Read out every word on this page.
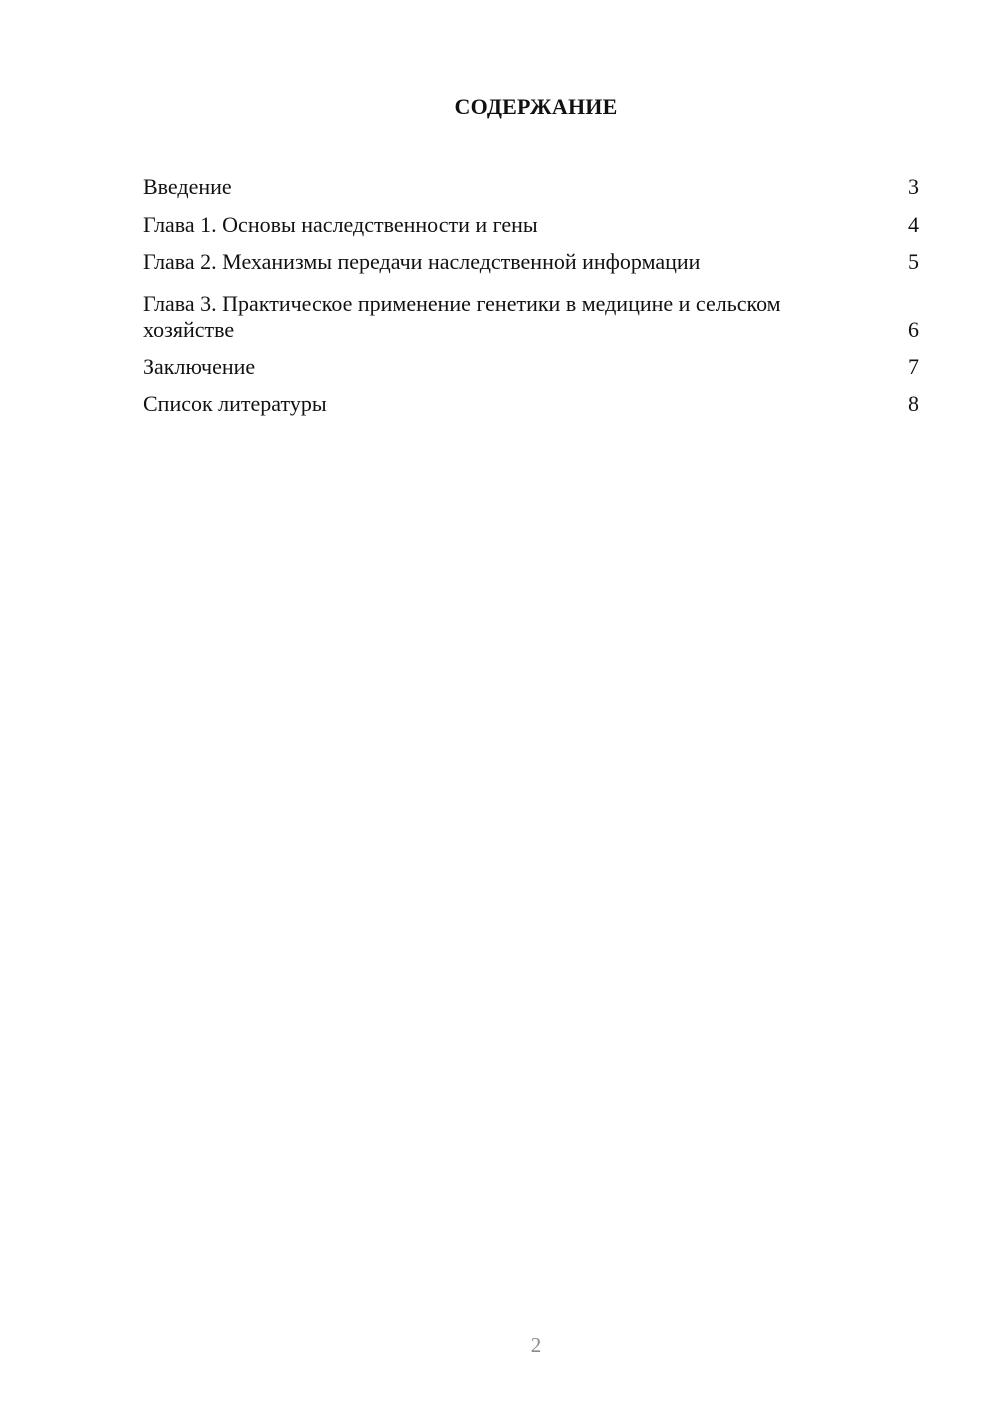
СОДЕРЖАНИЕ
Введение	3
Глава 1. Основы наследственности и гены	4
Глава 2. Механизмы передачи наследственной информации	5
Глава 3. Практическое применение генетики в медицине и сельском хозяйстве	6
Заключение	7
Список литературы	8
2
